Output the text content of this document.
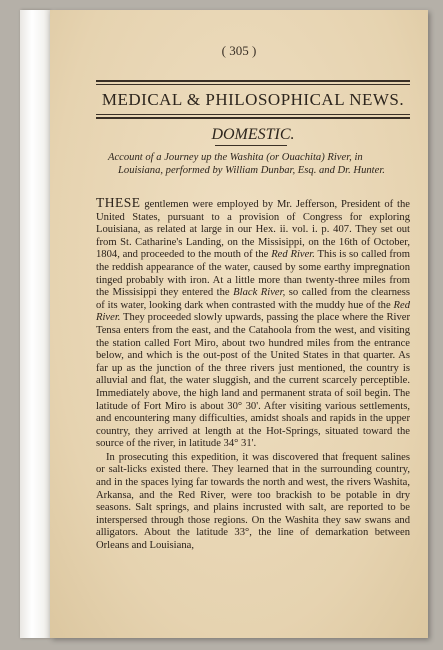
( 305 )
MEDICAL & PHILOSOPHICAL NEWS.
DOMESTIC.
Account of a Journey up the Washita (or Ouachita) River, in Louisiana, performed by William Dunbar, Esq. and Dr. Hunter.

THESE gentlemen were employed by Mr. Jefferson, President of the United States, pursuant to a provision of Congress for exploring Louisiana, as related at large in our Hex. ii. vol. i. p. 407. They set out from St. Catharine's Landing, on the Missisippi, on the 16th of October, 1804, and proceeded to the mouth of the Red River. This is so called from the reddish appearance of the water, caused by some earthy impregnation tinged probably with iron. At a little more than twenty-three miles from the Missisippi they entered the Black River, so called from the clearness of its water, looking dark when contrasted with the muddy hue of the Red River. They proceeded slowly upwards, passing the place where the River Tensa enters from the east, and the Catahoola from the west, and visiting the station called Fort Miro, about two hundred miles from the entrance below, and which is the out-post of the United States in that quarter. As far up as the junction of the three rivers just mentioned, the country is alluvial and flat, the water sluggish, and the current scarcely perceptible. Immediately above, the high land and permanent strata of soil begin. The latitude of Fort Miro is about 30° 30'. After visiting various settlements, and encountering many difficulties, amidst shoals and rapids in the upper country, they arrived at length at the Hot-Springs, situated toward the source of the river, in latitude 34° 31'.

In prosecuting this expedition, it was discovered that frequent salines or salt-licks existed there. They learned that in the surrounding country, and in the spaces lying far towards the north and west, the rivers Washita, Arkansa, and the Red River, were too brackish to be potable in dry seasons. Salt springs, and plains incrusted with salt, are reported to be interspersed through those regions. On the Washita they saw swans and alligators. About the latitude 33°, the line of demarkation between Orleans and Louisiana,
